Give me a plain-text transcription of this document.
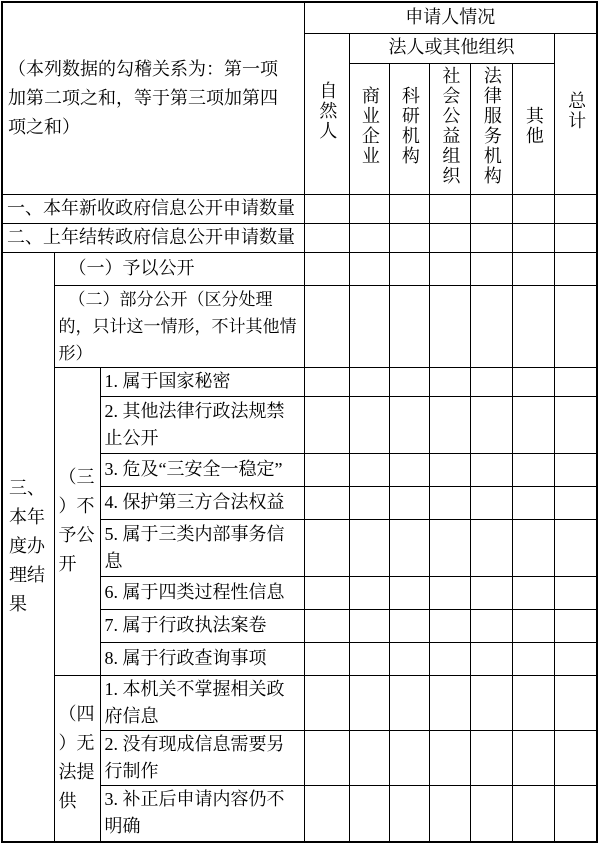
（本列数据的勾稽关系为：第一项加第二项之和，等于第三项加第四项之和）			申请人情况						
			自然人	法人或其他组织					总计
				商业企业	科研机构	社会公益组织	法律服务机构	其他	
一、本年新收政府信息公开申请数量									
二、上年结转政府信息公开申请数量									
三、本年度办理结果	（一）予以公开								
	（二）部分公开（区分处理的，只计这一情形，不计其他情形）								
	（三）不予公开	1. 属于国家秘密							
		2. 其他法律行政法规禁止公开							
		3. 危及“三安全一稳定”							
		4. 保护第三方合法权益							
		5. 属于三类内部事务信息							
		6. 属于四类过程性信息							
		7. 属于行政执法案卷							
		8. 属于行政查询事项							
	（四）无法提供	1. 本机关不掌握相关政府信息							
		2. 没有现成信息需要另行制作							
		3. 补正后申请内容仍不明确							
